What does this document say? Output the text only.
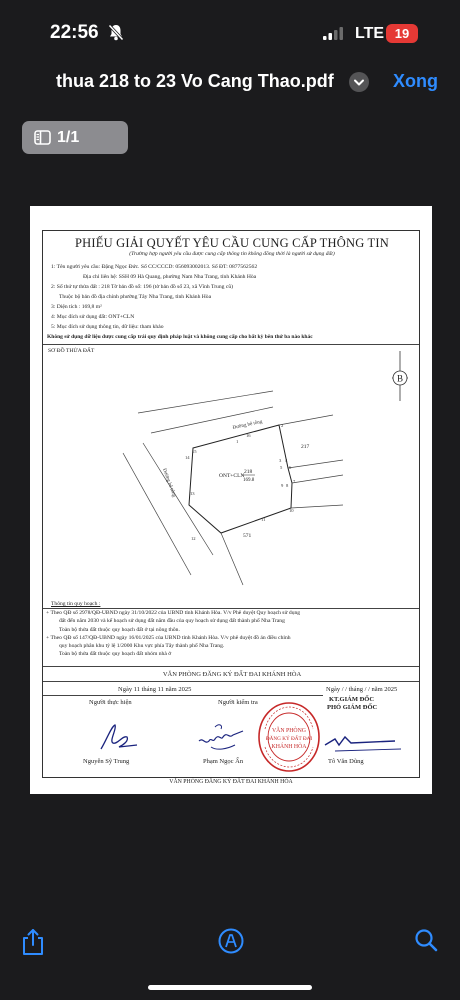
22:56	LTE 19
thua 218 to 23 Vo Cang Thao.pdf	Xong
1/1
PHIẾU GIẢI QUYẾT YÊU CẦU CUNG CẤP THÔNG TIN
(Trường hợp người yêu cầu được cung cấp thông tin không đồng thời là người sử dụng đất)
1: Tên người yêu cầu: Đặng Ngọc Đức. Số CC/CCCD: 056093002013. Số ĐT: 0877562562
Địa chỉ liên hệ: SSH 09 Hà Quang, phường Nam Nha Trang, tỉnh Khánh Hòa
2: Số thứ tự thửa đất : 218 Tờ bản đồ số: 196 (tờ bản đồ số 23, xã Vĩnh Trung cũ)
Thuộc bộ bản đồ địa chính phường Tây Nha Trang, tỉnh Khánh Hòa
3: Diện tích : 169,8 m²
4: Mục đích sử dụng đất: ONT+CLN
5: Mục đích sử dụng thông tin, dữ liệu: tham khảo
Không sử dụng dữ liệu được cung cấp trái quy định pháp luật và không cung cấp cho bất kỳ bên thứ ba nào khác
SƠ ĐỒ THỬA ĐẤT
B
Đường bê tông
Đường bê tông	ONT+CLN
218
169.8
217
571
1
2
3 4
5 6
7
8
9
10
11
12
13
14
15
16
Thông tin quy hoạch :
+ Theo QĐ số 2978/QĐ-UBND ngày 31/10/2022 của UBND tỉnh Khánh Hòa. V/v Phê duyệt Quy hoạch sử dụng
đất đến năm 2030 và kế hoạch sử dụng đất năm đầu của quy hoạch sử dụng đất thành phố Nha Trang
Toàn bộ thửa đất thuộc quy hoạch đất ở tại nông thôn.
+ Theo QĐ số 147/QĐ-UBND ngày 16/01/2025 của UBND tỉnh Khánh Hòa. V/v phê duyệt đồ án điều chỉnh
quy hoạch phân khu tỷ lệ 1/2000 Khu vực phía Tây thành phố Nha Trang.
Toàn bộ thửa đất thuộc quy hoạch đất nhóm nhà ở
VĂN PHÒNG ĐĂNG KÝ ĐẤT ĐAI KHÁNH HÒA
Ngày 11 tháng 11 năm 2025	Ngày / / tháng / / năm 2025
KT.GIÁM ĐỐC
PHÓ GIÁM ĐỐC
Người thực hiện	Người kiểm tra
VĂN PHÒNG
ĐĂNG KÝ ĐẤT ĐAI
KHÁNH HÒA
Nguyễn Sỹ Trung	Phạm Ngọc Ẩn	Tô Văn Dũng
VĂN PHÒNG ĐĂNG KÝ ĐẤT ĐAI KHÁNH HÒA
